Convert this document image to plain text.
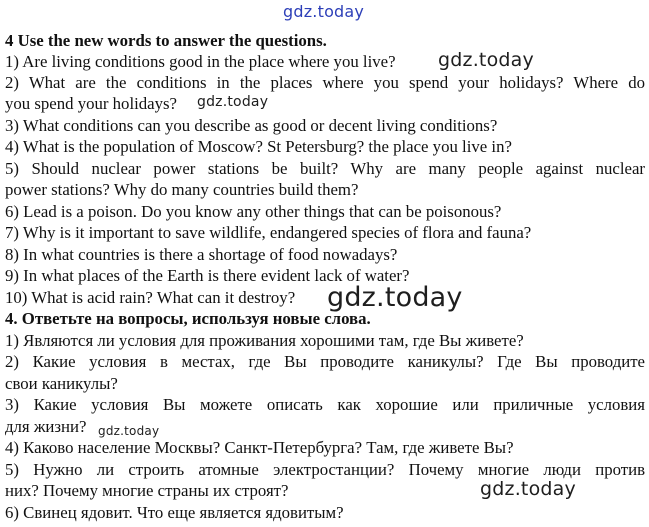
gdz.today
4 Use the new words to answer the questions.
1) Are living conditions good in the place where you live?
2) What are the conditions in the places where you spend your holidays? Where do
you spend your holidays?
3) What conditions can you describe as good or decent living conditions?
4) What is the population of Moscow? St Petersburg? the place you live in?
5) Should nuclear power stations be built? Why are many people against nuclear
power stations? Why do many countries build them?
6) Lead is a poison. Do you know any other things that can be poisonous?
7) Why is it important to save wildlife, endangered species of flora and fauna?
8) In what countries is there a shortage of food nowadays?
9) In what places of the Earth is there evident lack of water?
10) What is acid rain? What can it destroy?
4. Ответьте на вопросы, используя новые слова.
1) Являются ли условия для проживания хорошими там, где Вы живете?
2) Какие условия в местах, где Вы проводите каникулы? Где Вы проводите
свои каникулы?
3) Какие условия Вы можете описать как хорошие или приличные условия
для жизни?
4) Каково население Москвы? Санкт-Петербурга? Там, где живете Вы?
5) Нужно ли строить атомные электростанции? Почему многие люди против
них? Почему многие страны их строят?
6) Свинец ядовит. Что еще является ядовитым?
gdz.today
gdz.today
gdz.today
gdz.today
gdz.today
